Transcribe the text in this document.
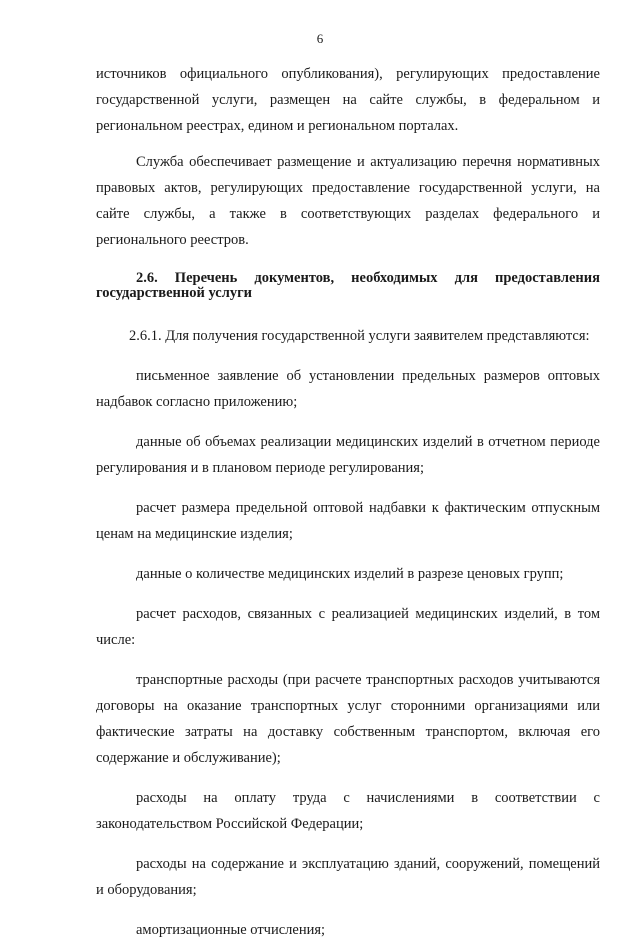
6

источников официального опубликования), регулирующих предоставление государственной услуги, размещен на сайте службы, в федеральном и региональном реестрах, едином и региональном порталах.

Служба обеспечивает размещение и актуализацию перечня нормативных правовых актов, регулирующих предоставление государственной услуги, на сайте службы, а также в соответствующих разделах федерального и регионального реестров.

2.6. Перечень документов, необходимых для предоставления государственной услуги

2.6.1. Для получения государственной услуги заявителем представляются:

письменное заявление об установлении предельных размеров оптовых надбавок согласно приложению;

данные об объемах реализации медицинских изделий в отчетном периоде регулирования и в плановом периоде регулирования;

расчет размера предельной оптовой надбавки к фактическим отпускным ценам на медицинские изделия;

данные о количестве медицинских изделий в разрезе ценовых групп;

расчет расходов, связанных с реализацией медицинских изделий, в том числе:

транспортные расходы (при расчете транспортных расходов учитываются договоры на оказание транспортных услуг сторонними организациями или фактические затраты на доставку собственным транспортом, включая его содержание и обслуживание);

расходы на оплату труда с начислениями в соответствии с законодательством Российской Федерации;

расходы на содержание и эксплуатацию зданий, сооружений, помещений и оборудования;

амортизационные отчисления;
